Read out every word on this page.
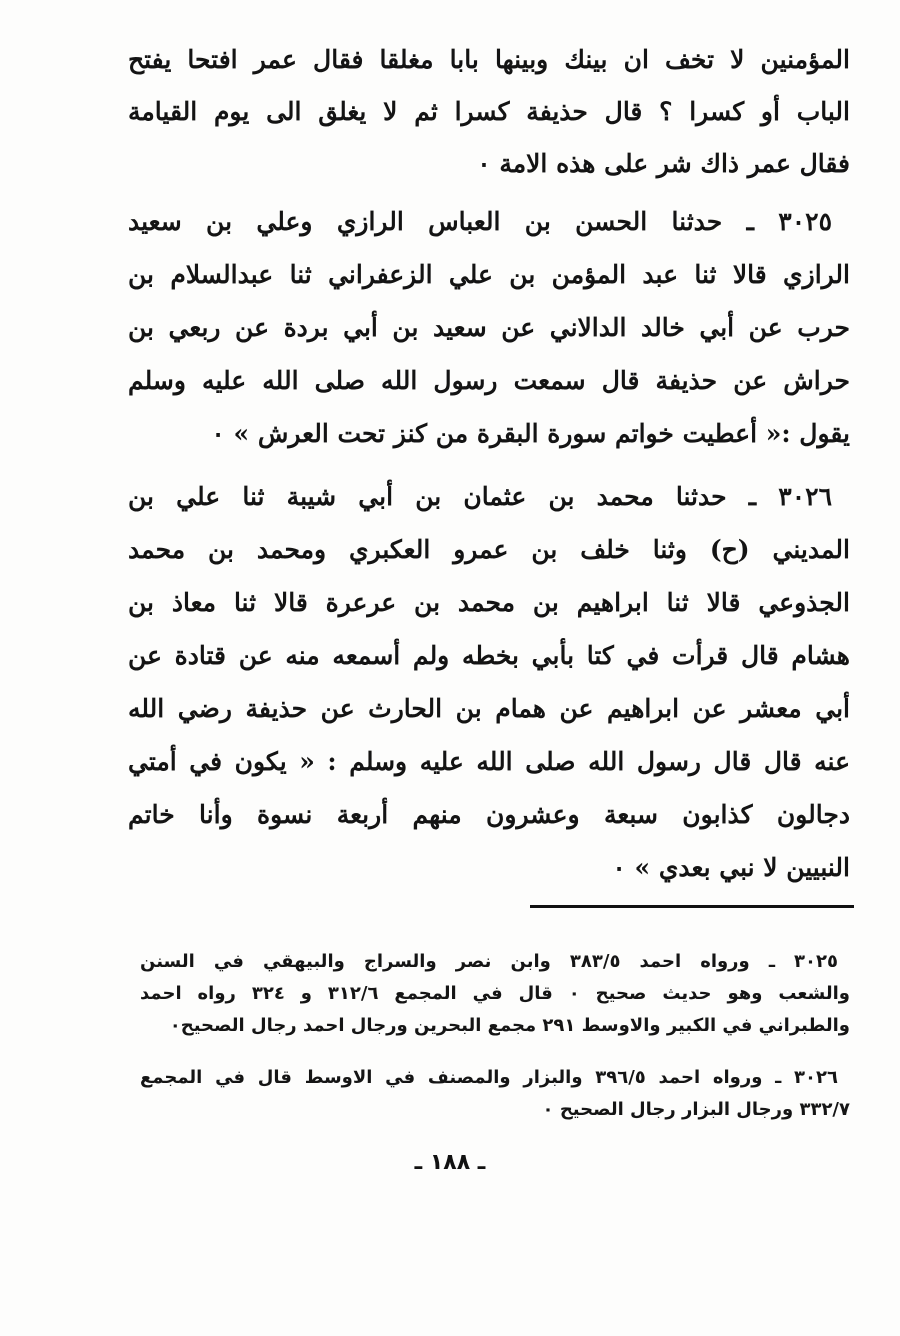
المؤمنين لا تخف ان بينك وبينها بابا مغلقا فقال عمر افتحا يفتح
الباب أو كسرا ؟ قال حذيفة كسرا ثم لا يغلق الى يوم القيامة
فقال عمر ذاك شر على هذه الامة ٠
٣٠٢٥ ـ حدثنا الحسن بن العباس الرازي وعلي بن سعيد
الرازي قالا ثنا عبد المؤمن بن علي الزعفراني ثنا عبدالسلام بن
حرب عن أبي خالد الدالاني عن سعيد بن أبي بردة عن ربعي بن
حراش عن حذيفة قال سمعت رسول الله صلى الله عليه وسلم
يقول :« أعطيت خواتم سورة البقرة من كنز تحت العرش » ٠
٣٠٢٦ ـ حدثنا محمد بن عثمان بن أبي شيبة ثنا علي بن
المديني (ح) وثنا خلف بن عمرو العكبري ومحمد بن محمد
الجذوعي قالا ثنا ابراهيم بن محمد بن عرعرة قالا ثنا معاذ بن
هشام قال قرأت في كتا بأبي بخطه ولم أسمعه منه عن قتادة عن
أبي معشر عن ابراهيم عن همام بن الحارث عن حذيفة رضي الله
عنه قال قال رسول الله صلى الله عليه وسلم : « يكون في أمتي
دجالون كذابون سبعة وعشرون منهم أربعة نسوة وأنا خاتم
النبيين لا نبي بعدي » ٠
٣٠٢٥ ـ ورواه احمد ٣٨٣/٥ وابن نصر والسراج والبيهقي في السنن
والشعب وهو حديث صحيح ٠ قال في المجمع ٣١٢/٦ و ٣٢٤ رواه احمد
والطبراني في الكبير والاوسط ٢٩١ مجمع البحرين ورجال احمد رجال الصحيح٠
٣٠٢٦ ـ ورواه احمد ٣٩٦/٥ والبزار والمصنف في الاوسط قال في المجمع
٣٣٢/٧ ورجال البزار رجال الصحيح ٠
ـ ١٨٨ ـ
